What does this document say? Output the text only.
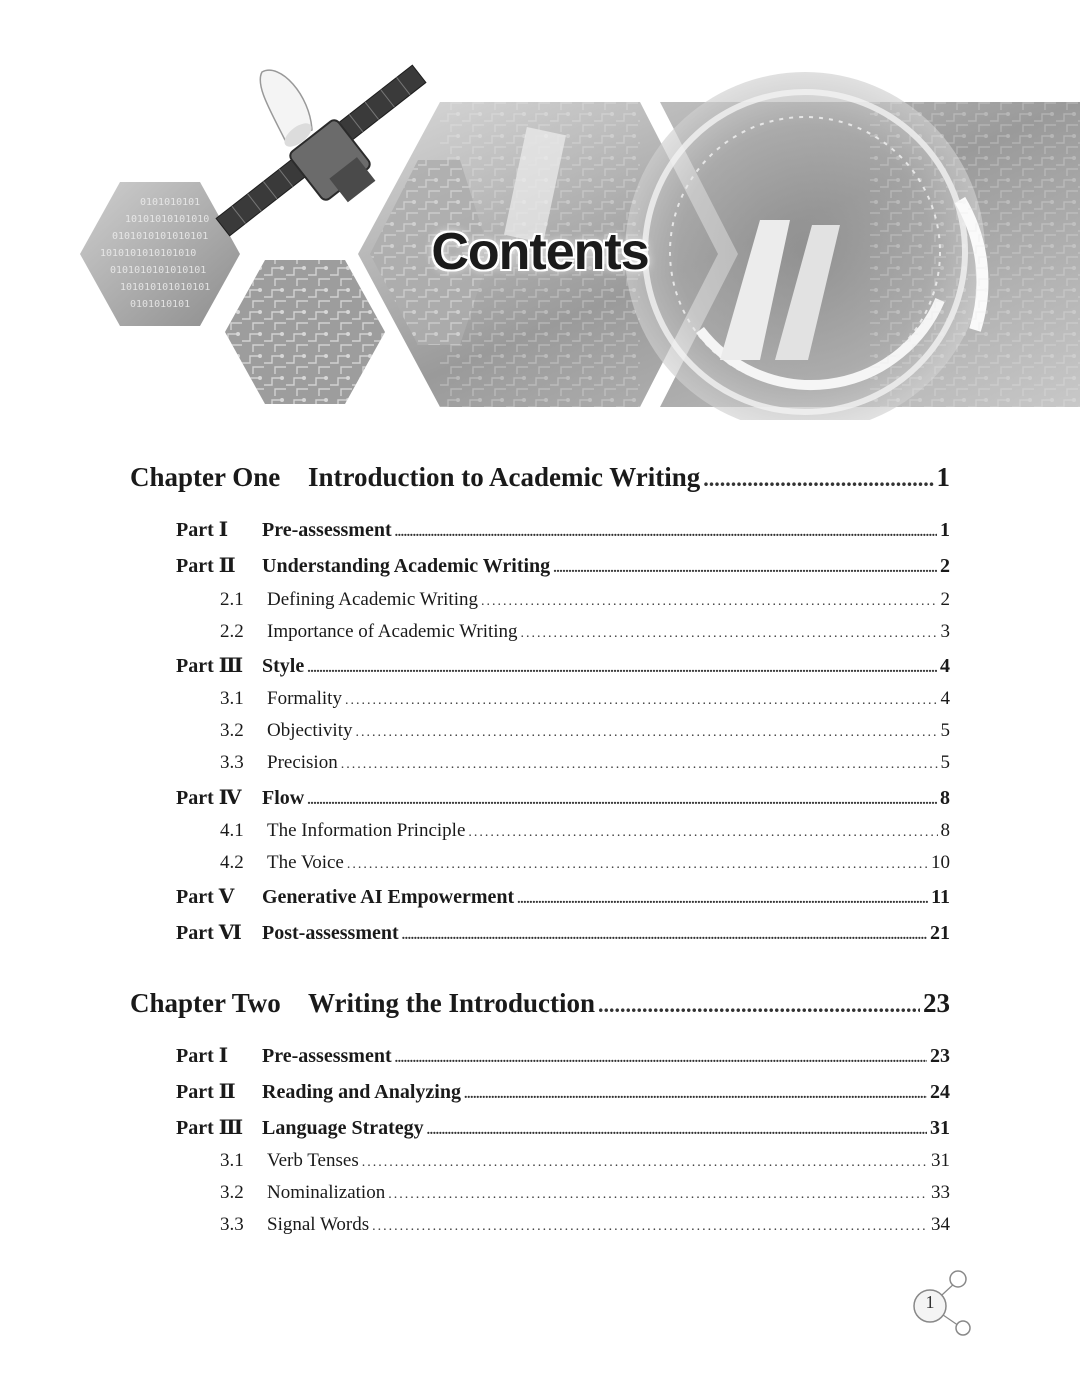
0101010101
10101010101010
0101010101010101
1010101010101010
0101010101010101
101010101010101
0101010101
Contents
Chapter One	Introduction to Academic Writing .....	1
Part Ⅰ	Pre-assessment .....	1
Part Ⅱ	Understanding Academic Writing .....	2
2.1	Defining Academic Writing .....	2
2.2	Importance of Academic Writing .....	3
Part Ⅲ Style .....	4
3.1	Formality .....	4
3.2	Objectivity .....	5
3.3	Precision .....	5
Part Ⅳ	Flow .....	8
4.1	The Information Principle .....	8
4.2	The Voice .....	10
Part Ⅴ	Generative AI Empowerment .....	11
Part Ⅵ	Post-assessment .....	21
Chapter Two	Writing the Introduction .....	23
Part Ⅰ	Pre-assessment .....	23
Part Ⅱ	Reading and Analyzing .....	24
Part Ⅲ Language Strategy .....	31
3.1	Verb Tenses .....	31
3.2	Nominalization .....	33
3.3	Signal Words .....	34
1
